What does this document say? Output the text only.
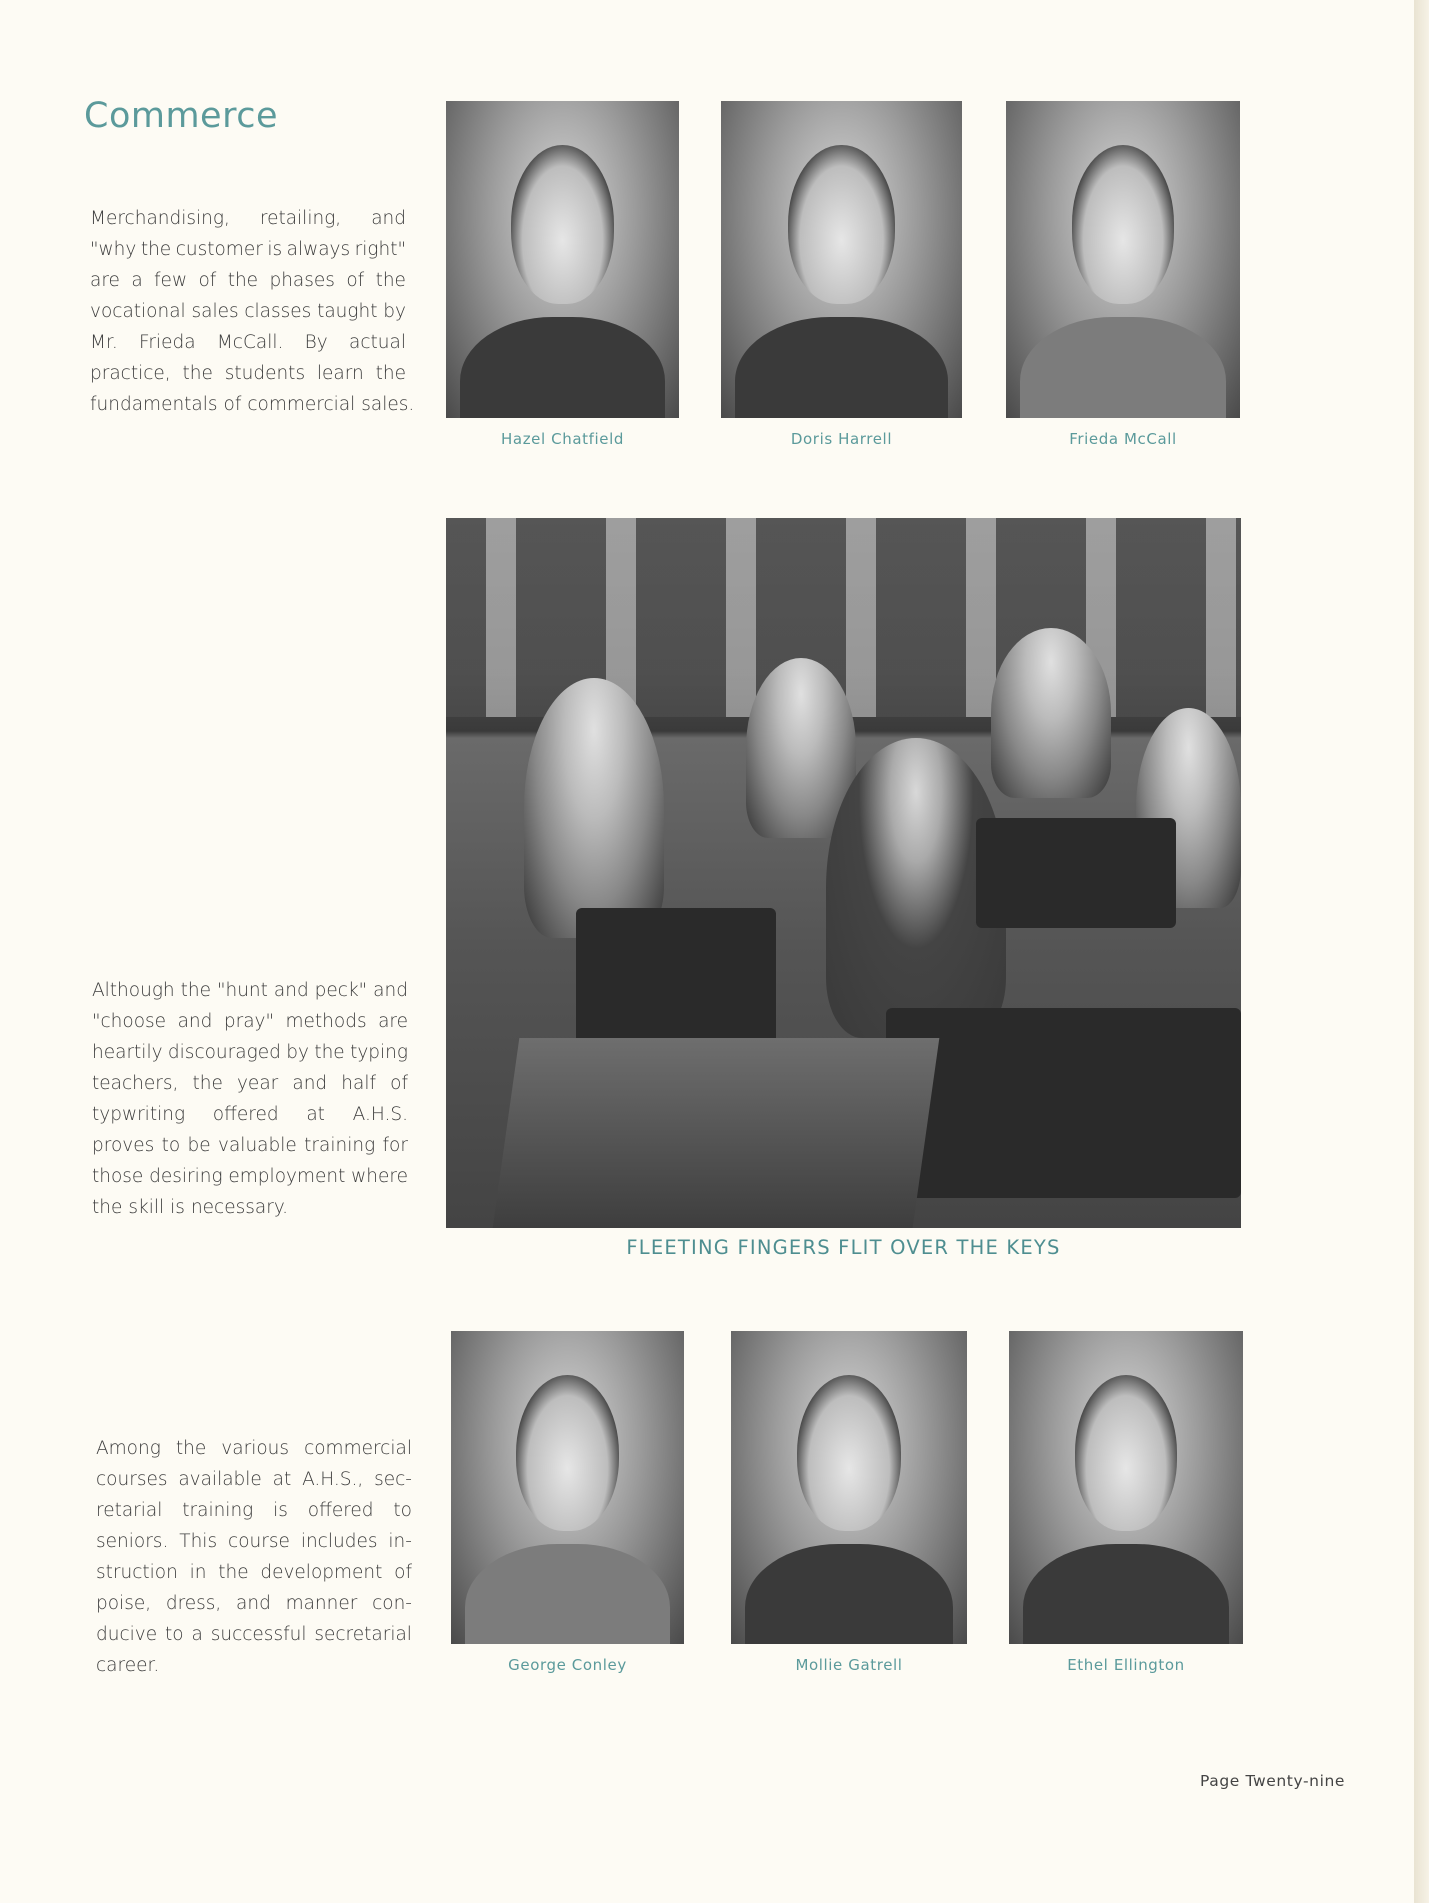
Commerce
Merchandising, retailing, and
"why the customer is always right"
are a few of the phases of the
vocational sales classes taught by
Mr. Frieda McCall. By actual
practice, the students learn the
fundamentals of commercial sales.
Although the "hunt and peck" and
"choose and pray" methods are
heartily discouraged by the typing
teachers, the year and half of
typwriting offered at A.H.S.
proves to be valuable training for
those desiring employment where
the skill is necessary.
Among the various commercial
courses available at A.H.S., sec-
retarial training is offered to
seniors. This course includes in-
struction in the development of
poise, dress, and manner con-
ducive to a successful secretarial
career.
Hazel Chatfield	Doris Harrell	Frieda McCall
FLEETING FINGERS FLIT OVER THE KEYS
George Conley	Mollie Gatrell	Ethel Ellington
Page Twenty-nine
